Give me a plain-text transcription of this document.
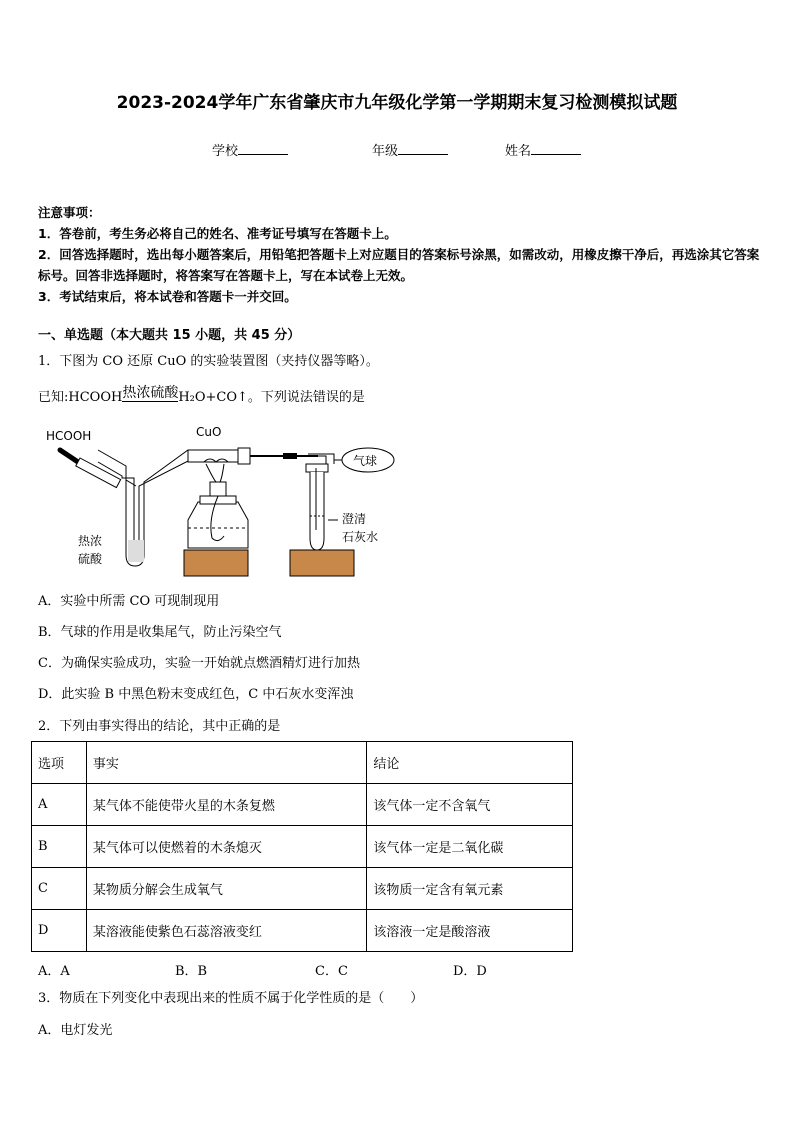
2023-2024学年广东省肇庆市九年级化学第一学期期末复习检测模拟试题
学校	年级	姓名
注意事项：
1．答卷前，考生务必将自己的姓名、准考证号填写在答题卡上。
2．回答选择题时，选出每小题答案后，用铅笔把答题卡上对应题目的答案标号涂黑，如需改动，用橡皮擦干净后，再选涂其它答案标号。回答非选择题时，将答案写在答题卡上，写在本试卷上无效。
3．考试结束后，将本试卷和答题卡一并交回。
一、单选题（本大题共 15 小题，共 45 分）
1．下图为 CO 还原 CuO 的实验装置图（夹持仪器等略）。
已知:HCOOH热浓硫酸H₂O+CO↑。下列说法错误的是
HCOOH	CuO
气球
澄清
石灰水
热浓
硫酸
A．实验中所需 CO 可现制现用
B．气球的作用是收集尾气，防止污染空气
C．为确保实验成功，实验一开始就点燃酒精灯进行加热
D．此实验 B 中黑色粉末变成红色，C 中石灰水变浑浊
2．下列由事实得出的结论，其中正确的是
选项	事实	结论
A	某气体不能使带火星的木条复燃	该气体一定不含氧气
B	某气体可以使燃着的木条熄灭	该气体一定是二氧化碳
C	某物质分解会生成氧气	该物质一定含有氧元素
D	某溶液能使紫色石蕊溶液变红	该溶液一定是酸溶液
A．A	B．B	C．C	D．D
3．物质在下列变化中表现出来的性质不属于化学性质的是（　　）
A．电灯发光
